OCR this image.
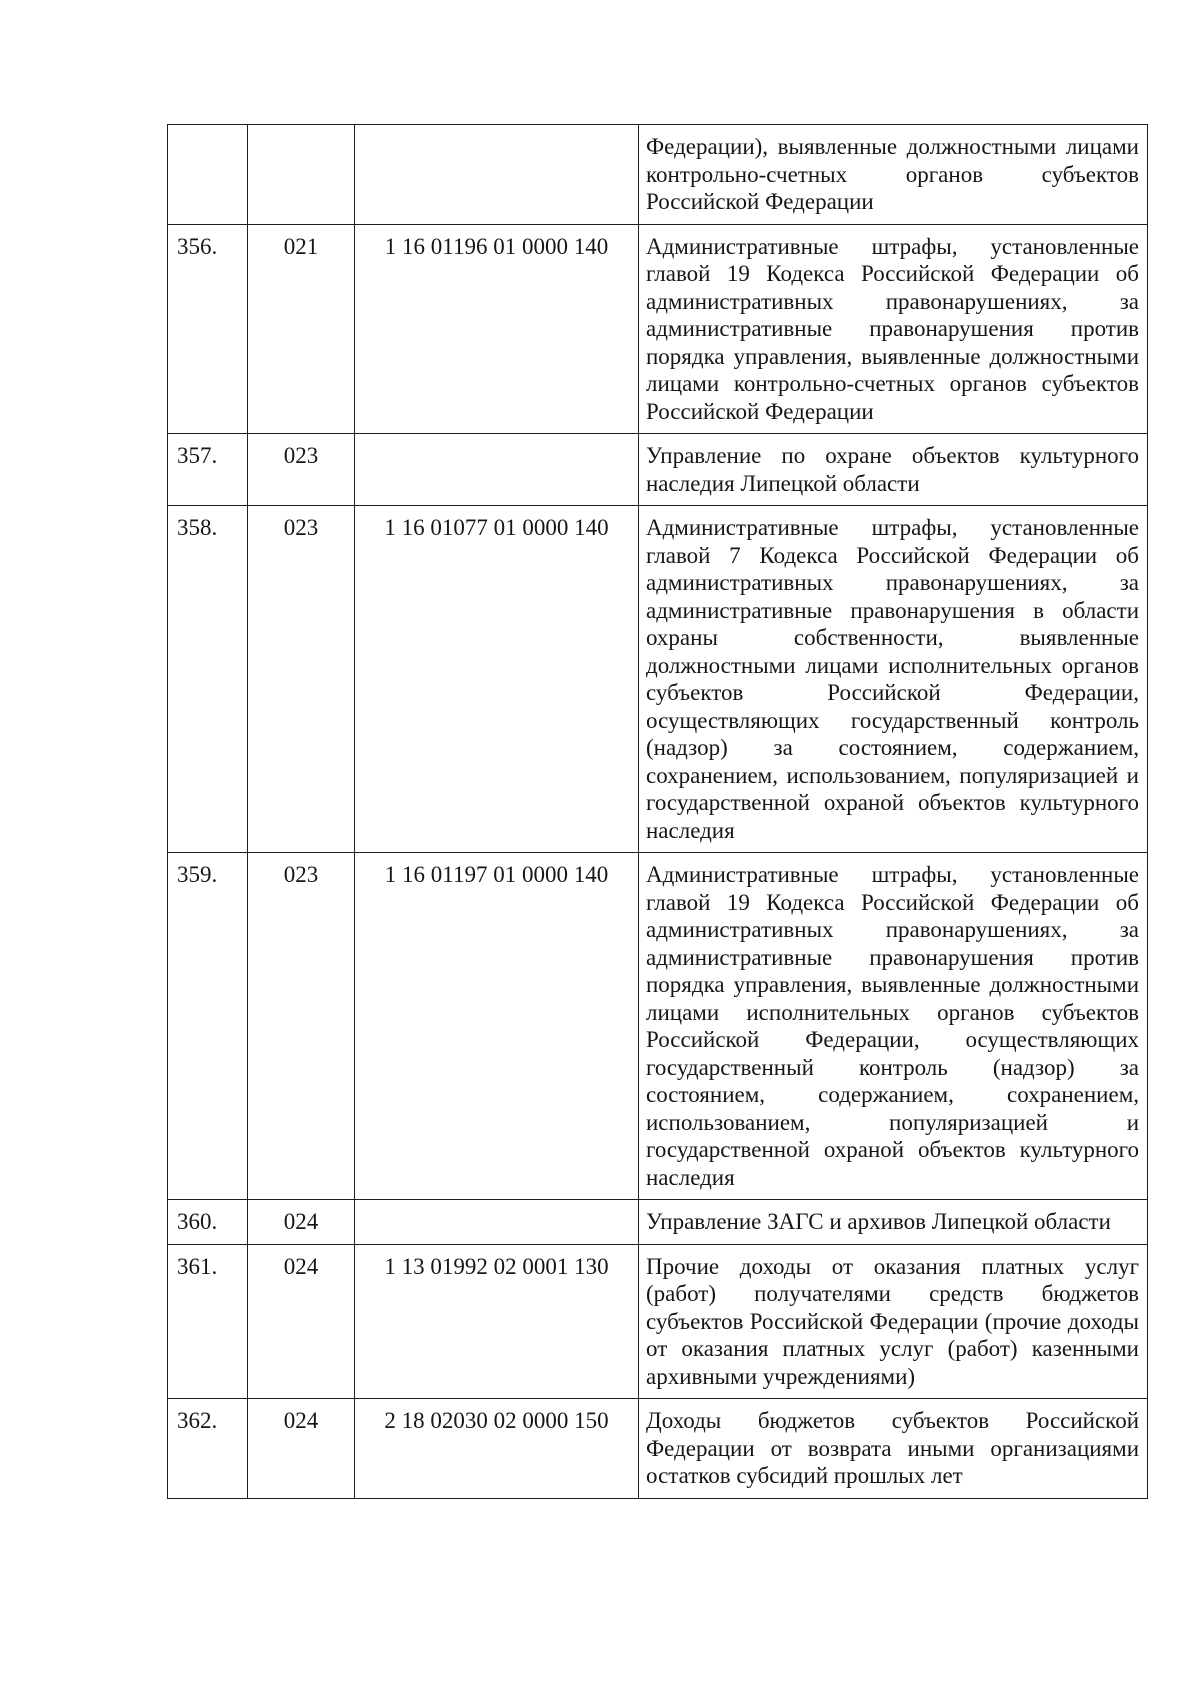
			Федерации), выявленные должностными лицами контрольно-счетных органов субъектов Российской Федерации
356.	021	1 16 01196 01 0000 140	Административные штрафы, установленные главой 19 Кодекса Российской Федерации об административных правонарушениях, за административные правонарушения против порядка управления, выявленные должностными лицами контрольно-счетных органов субъектов Российской Федерации
357.	023		Управление по охране объектов культурного наследия Липецкой области
358.	023	1 16 01077 01 0000 140	Административные штрафы, установленные главой 7 Кодекса Российской Федерации об административных правонарушениях, за административные правонарушения в области охраны собственности, выявленные должностными лицами исполнительных органов субъектов Российской Федерации, осуществляющих государственный контроль (надзор) за состоянием, содержанием, сохранением, использованием, популяризацией и государственной охраной объектов культурного наследия
359.	023	1 16 01197 01 0000 140	Административные штрафы, установленные главой 19 Кодекса Российской Федерации об административных правонарушениях, за административные правонарушения против порядка управления, выявленные должностными лицами исполнительных органов субъектов Российской Федерации, осуществляющих государственный контроль (надзор) за состоянием, содержанием, сохранением, использованием, популяризацией и государственной охраной объектов культурного наследия
360.	024		Управление ЗАГС и архивов Липецкой области
361.	024	1 13 01992 02 0001 130	Прочие доходы от оказания платных услуг (работ) получателями средств бюджетов субъектов Российской Федерации (прочие доходы от оказания платных услуг (работ) казенными архивными учреждениями)
362.	024	2 18 02030 02 0000 150	Доходы бюджетов субъектов Российской Федерации от возврата иными организациями остатков субсидий прошлых лет
